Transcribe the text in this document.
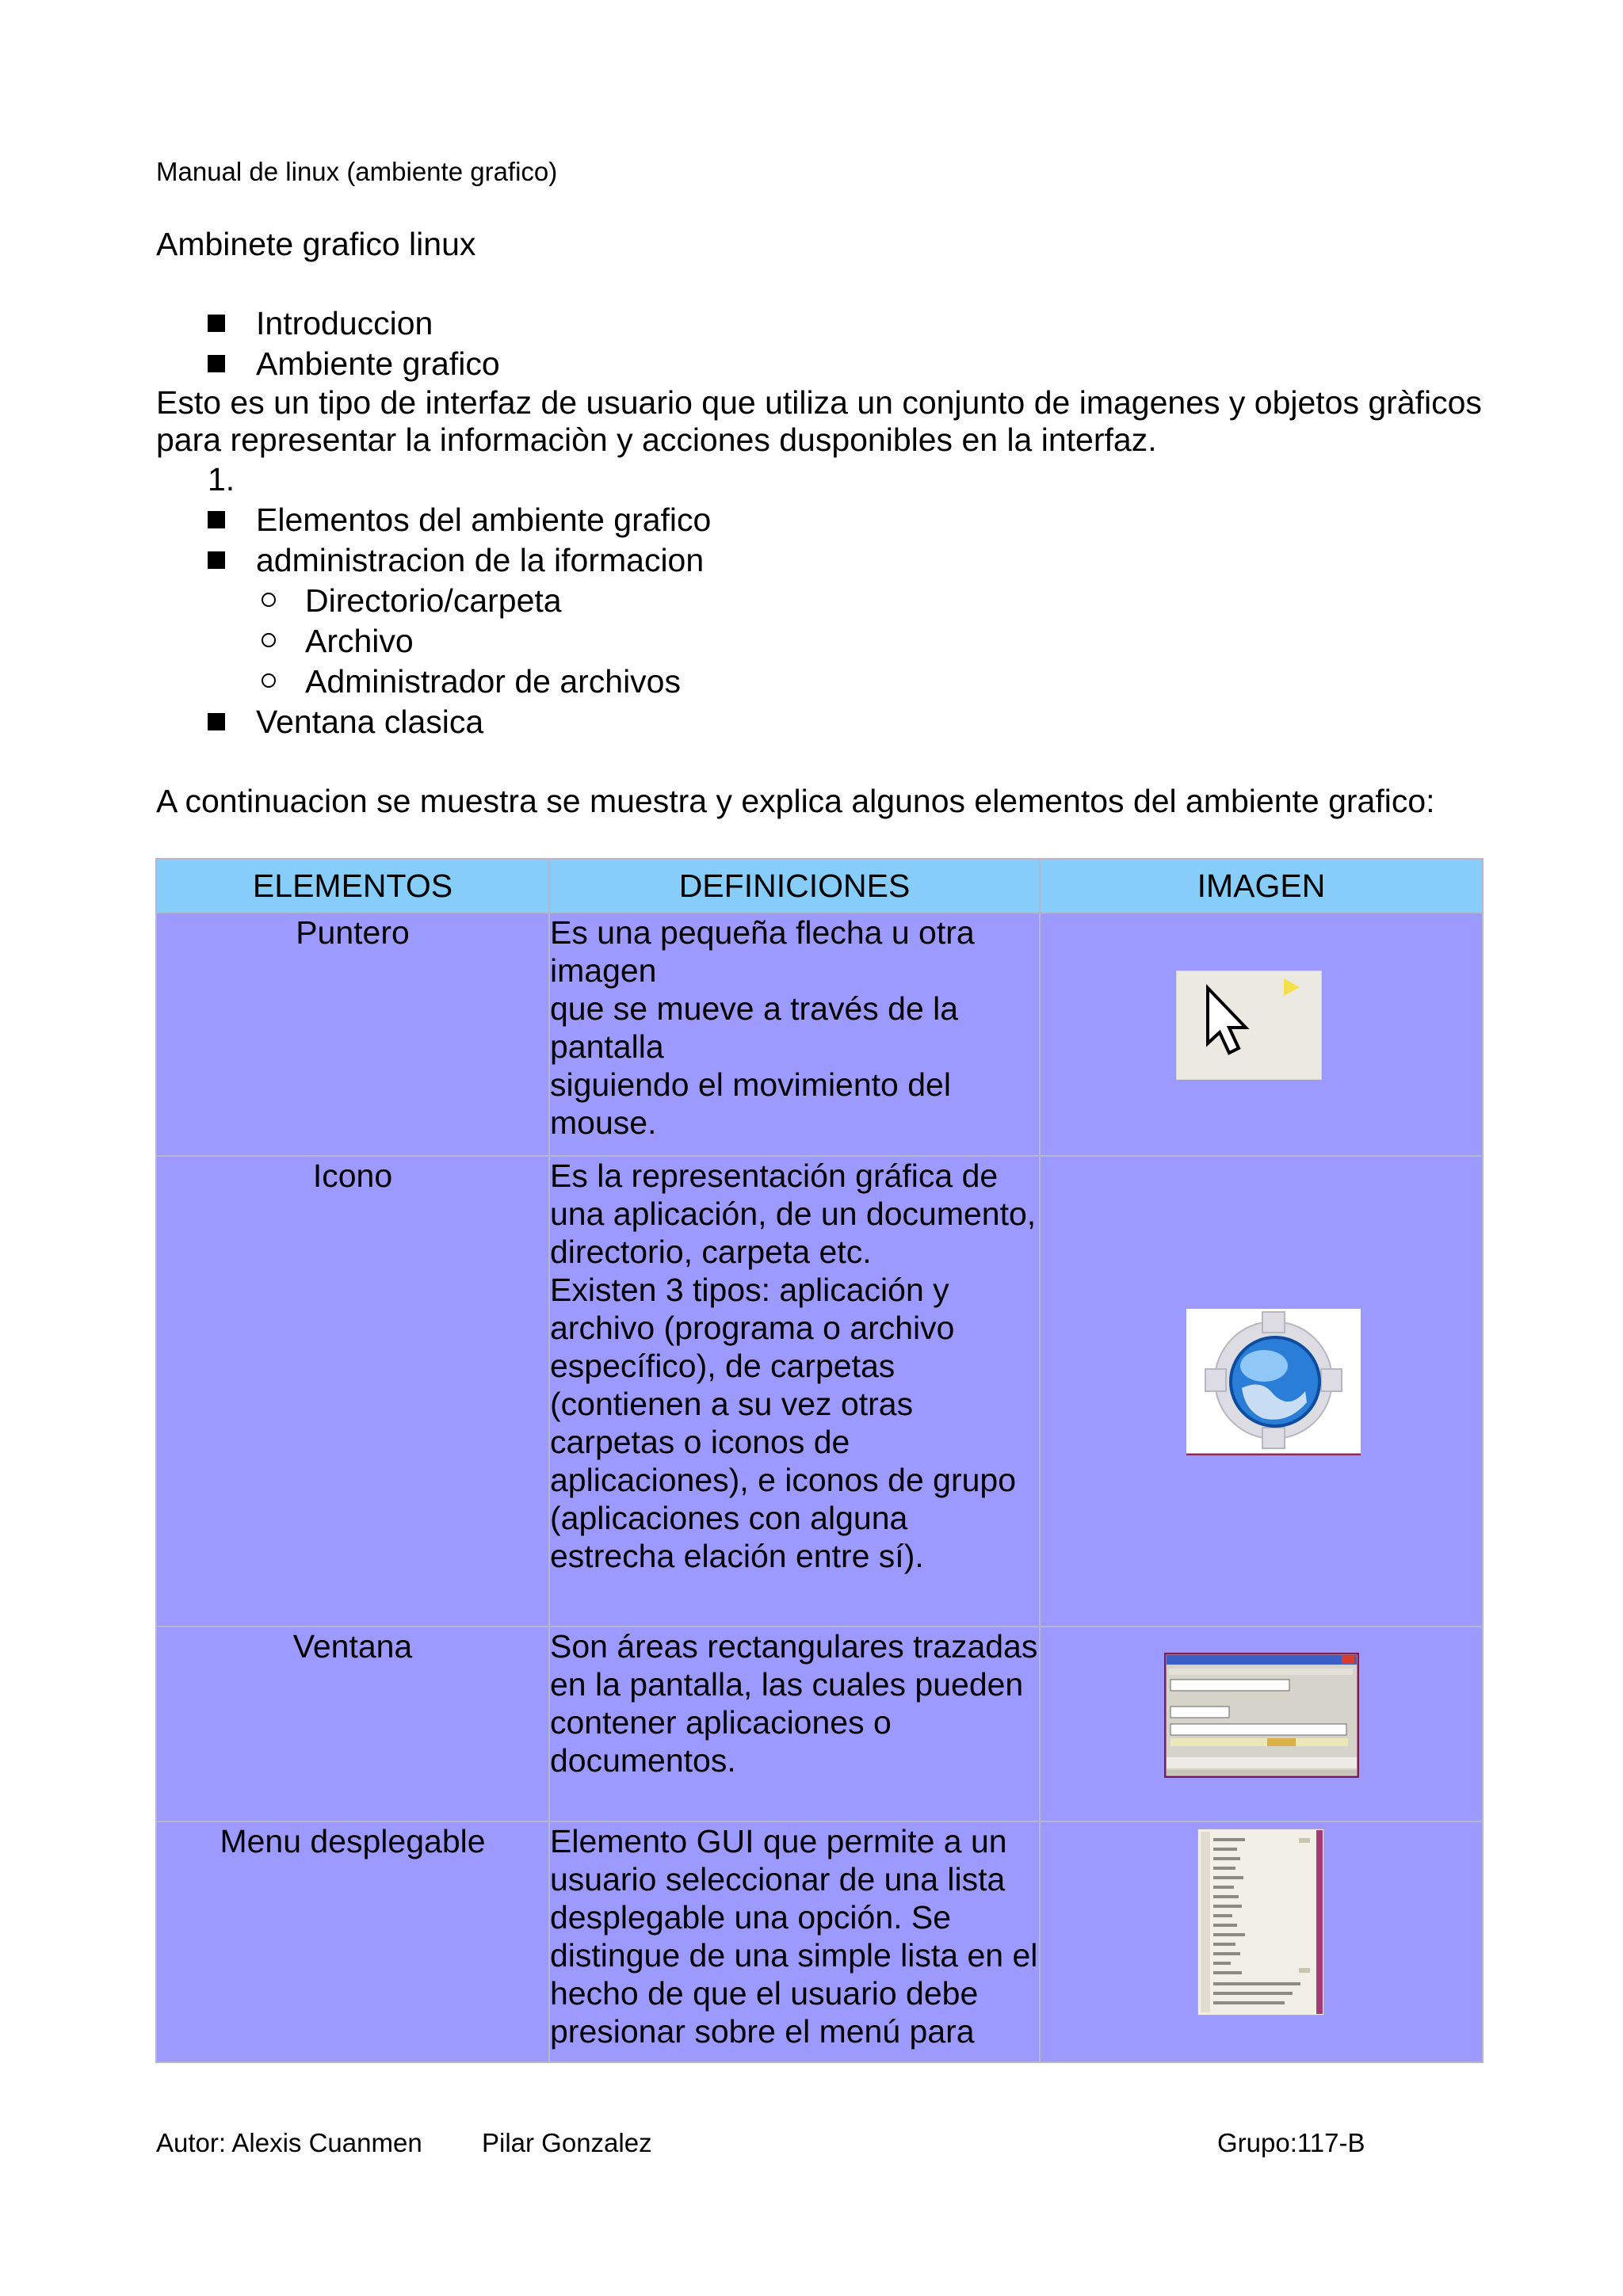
Manual de linux (ambiente grafico)
Ambinete grafico linux
Introduccion
Ambiente grafico
Esto es un tipo de interfaz de usuario que utiliza un conjunto de imagenes y objetos gràficos para representar la informaciòn y acciones dusponibles en la interfaz.
1.
Elementos del ambiente grafico
administracion de la iformacion
Directorio/carpeta
Archivo
Administrador de archivos
Ventana clasica
A continuacion se muestra se muestra y explica algunos elementos del ambiente grafico:
ELEMENTOS	DEFINICIONES	IMAGEN
Puntero	Es una pequeña flecha u otra imagen
que se mueve a través de la pantalla
siguiendo el movimiento del mouse.

Icono	Es la representación gráfica de una aplicación, de un documento, directorio, carpeta etc.
Existen 3 tipos: aplicación y archivo (programa o archivo específico), de carpetas (contienen a su vez otras carpetas o iconos de aplicaciones), e iconos de grupo (aplicaciones con alguna estrecha elación entre sí).

Ventana	Son áreas rectangulares trazadas en la pantalla, las cuales pueden contener aplicaciones o documentos.

Menu desplegable	Elemento GUI que permite a un usuario seleccionar de una lista desplegable una opción. Se distingue de una simple lista en el hecho de que el usuario debe presionar sobre el menú para

Autor: Alexis Cuanmen Pilar Gonzalez	Grupo:117-B
